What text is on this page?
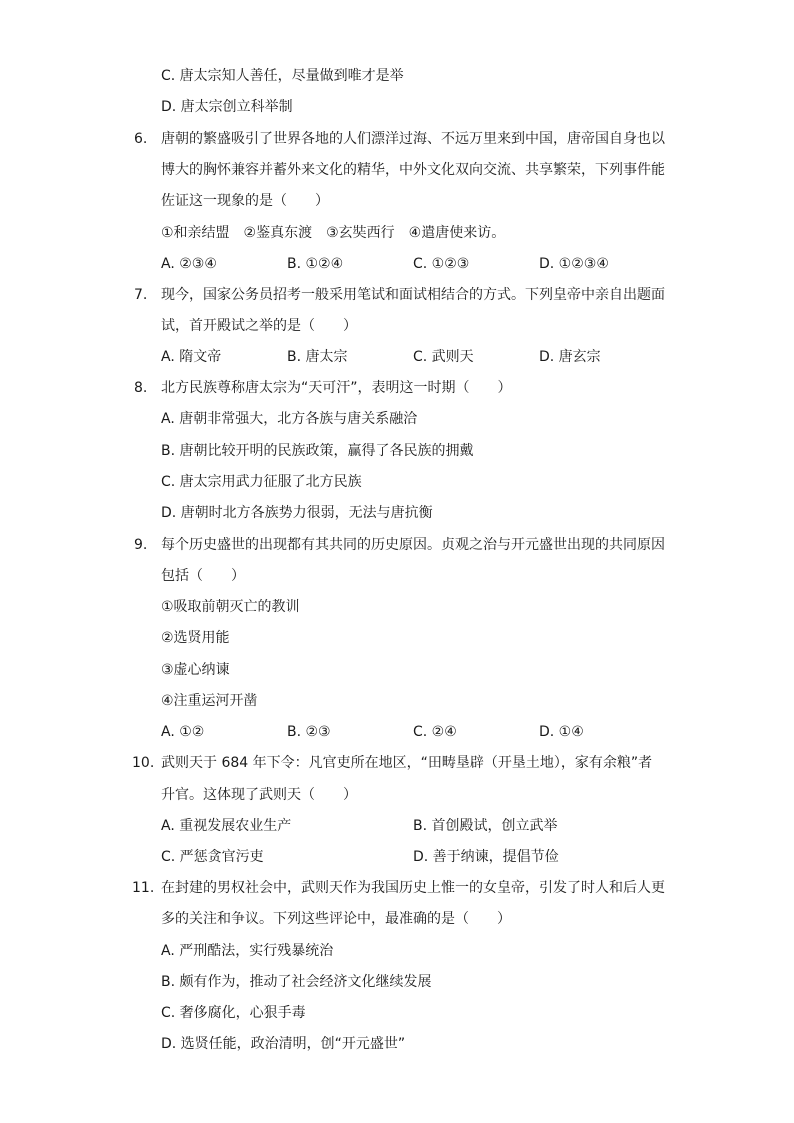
C. 唐太宗知人善任，尽量做到唯才是举
D. 唐太宗创立科举制
6. 唐朝的繁盛吸引了世界各地的人们漂洋过海、不远万里来到中国，唐帝国自身也以
博大的胸怀兼容并蓄外来文化的精华，中外文化双向交流、共享繁荣，下列事件能
佐证这一现象的是（　　）
①和亲结盟　②鉴真东渡　③玄奘西行　④遣唐使来访。
A. ②③④	B. ①②④	C. ①②③	D. ①②③④
7. 现今，国家公务员招考一般采用笔试和面试相结合的方式。下列皇帝中亲自出题面
试，首开殿试之举的是（　　）
A. 隋文帝	B. 唐太宗	C. 武则天	D. 唐玄宗
8. 北方民族尊称唐太宗为“天可汗”，表明这一时期（　　）
A. 唐朝非常强大，北方各族与唐关系融洽
B. 唐朝比较开明的民族政策，赢得了各民族的拥戴
C. 唐太宗用武力征服了北方民族
D. 唐朝时北方各族势力很弱，无法与唐抗衡
9. 每个历史盛世的出现都有其共同的历史原因。贞观之治与开元盛世出现的共同原因
包括（　　）
①吸取前朝灭亡的教训
②选贤用能
③虚心纳谏
④注重运河开凿
A. ①②	B. ②③	C. ②④	D. ①④
10. 武则天于 684 年下令：凡官吏所在地区，“田畴垦辟（开垦土地），家有余粮”者
升官。这体现了武则天（　　）
A. 重视发展农业生产	B. 首创殿试，创立武举
C. 严惩贪官污吏	D. 善于纳谏，提倡节俭
11. 在封建的男权社会中，武则天作为我国历史上惟一的女皇帝，引发了时人和后人更
多的关注和争议。下列这些评论中，最准确的是（　　）
A. 严刑酷法，实行残暴统治
B. 颇有作为，推动了社会经济文化继续发展
C. 奢侈腐化，心狠手毒
D. 选贤任能，政治清明，创“开元盛世”
